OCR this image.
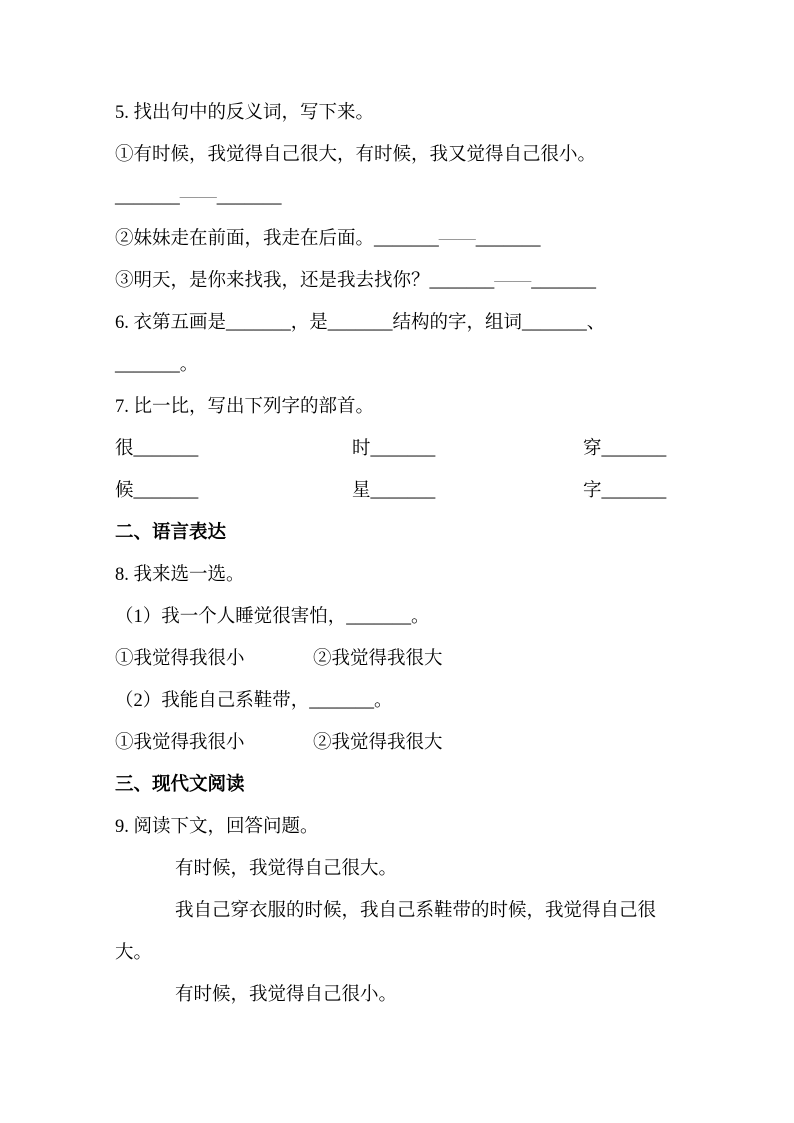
5. 找出句中的反义词，写下来。

①有时候，我觉得自己很大，有时候，我又觉得自己很小。

_______——_______

②妹妹走在前面，我走在后面。_______——_______

③明天，是你来找我，还是我去找你？_______——_______

6. 衣第五画是_______，是_______结构的字，组词_______、

_______。

7. 比一比，写出下列字的部首。

很_______	时_______	穿_______

候_______	星_______	字_______

二、语言表达

8. 我来选一选。

（1）我一个人睡觉很害怕，_______。

①我觉得我很小	②我觉得我很大

（2）我能自己系鞋带，_______。

①我觉得我很小	②我觉得我很大

三、现代文阅读

9. 阅读下文，回答问题。

有时候，我觉得自己很大。

我自己穿衣服的时候，我自己系鞋带的时候，我觉得自己很

大。

有时候，我觉得自己很小。
